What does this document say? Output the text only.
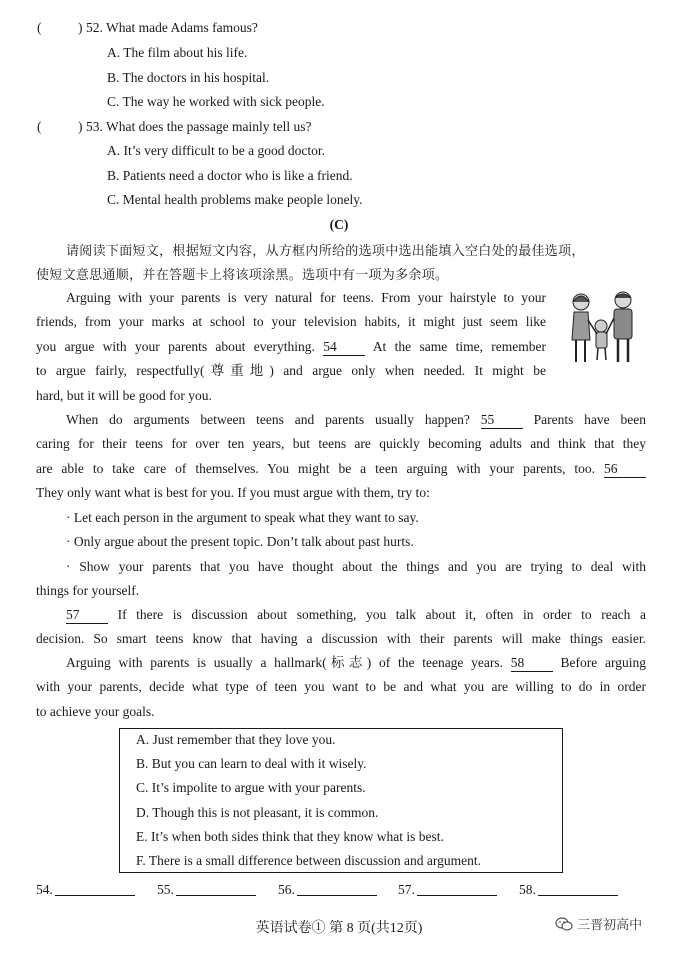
(	) 52. What made Adams famous?
A. The film about his life.
B. The doctors in his hospital.
C. The way he worked with sick people.
(	) 53. What does the passage mainly tell us?
A. It’s very difficult to be a good doctor.
B. Patients need a doctor who is like a friend.
C. Mental health problems make people lonely.
(C)
请阅读下面短文，根据短文内容，从方框内所给的选项中选出能填入空白处的最佳选项，
使短文意思通顺，并在答题卡上将该项涂黑。选项中有一项为多余项。
Arguing with your parents is very natural for teens. From your hairstyle to your
friends, from your marks at school to your television habits, it might just seem like
you argue with your parents about everything. 54	At the same time, remember
to argue fairly, respectfully(尊重地) and argue only when needed. It might be
hard, but it will be good for you.
When do arguments between teens and parents usually happen? 55	Parents have been
caring for their teens for over ten years, but teens are quickly becoming adults and think that they
are able to take care of themselves. You might be a teen arguing with your parents, too. 56
They only want what is best for you. If you must argue with them, try to:
· Let each person in the argument to speak what they want to say.
· Only argue about the present topic. Don’t talk about past hurts.
· Show your parents that you have thought about the things and you are trying to deal with
things for yourself.
57	If there is discussion about something, you talk about it, often in order to reach a
decision. So smart teens know that having a discussion with their parents will make things easier.
Arguing with parents is usually a hallmark(标志) of the teenage years. 58	Before arguing
with your parents, decide what type of teen you want to be and what you are willing to do in order
to achieve your goals.
A. Just remember that they love you.
B. But you can learn to deal with it wisely.
C. It’s impolite to argue with your parents.
D. Though this is not pleasant, it is common.
E. It’s when both sides think that they know what is best.
F. There is a small difference between discussion and argument.
54.	55.	56.	57.	58.
英语试卷① 第 8 页(共12页)	三晋初高中
